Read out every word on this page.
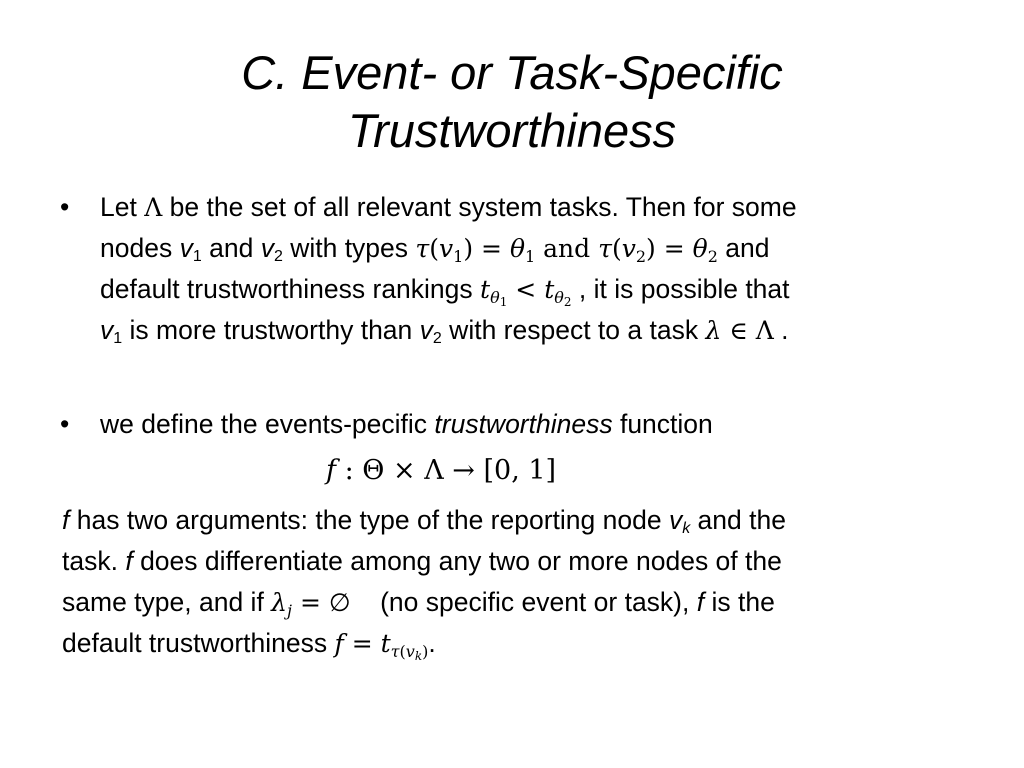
C. Event- or Task-Specific
Trustworthiness
•	Let Λ be the set of all relevant system tasks. Then for some
nodes $v_1$ and $v_2$ with types $\tau(v_1) = \theta_1$ and $\tau(v_2) = \theta_2$ and
default trustworthiness rankings $t_{\theta_1} < t_{\theta_2}$ , it is possible that
$v_1$ is more trustworthy than $v_2$ with respect to a task λ ∈ Λ .
•	we define the events-pecific trustworthiness function
f : Θ × Λ → [0, 1]
f has two arguments: the type of the reporting node $v_k$ and the
task. f does differentiate among any two or more nodes of the
same type, and if $\lambda_j$ = ∅    (no specific event or task), f is the
default trustworthiness $f = t_{\tau(v_k)}$.
